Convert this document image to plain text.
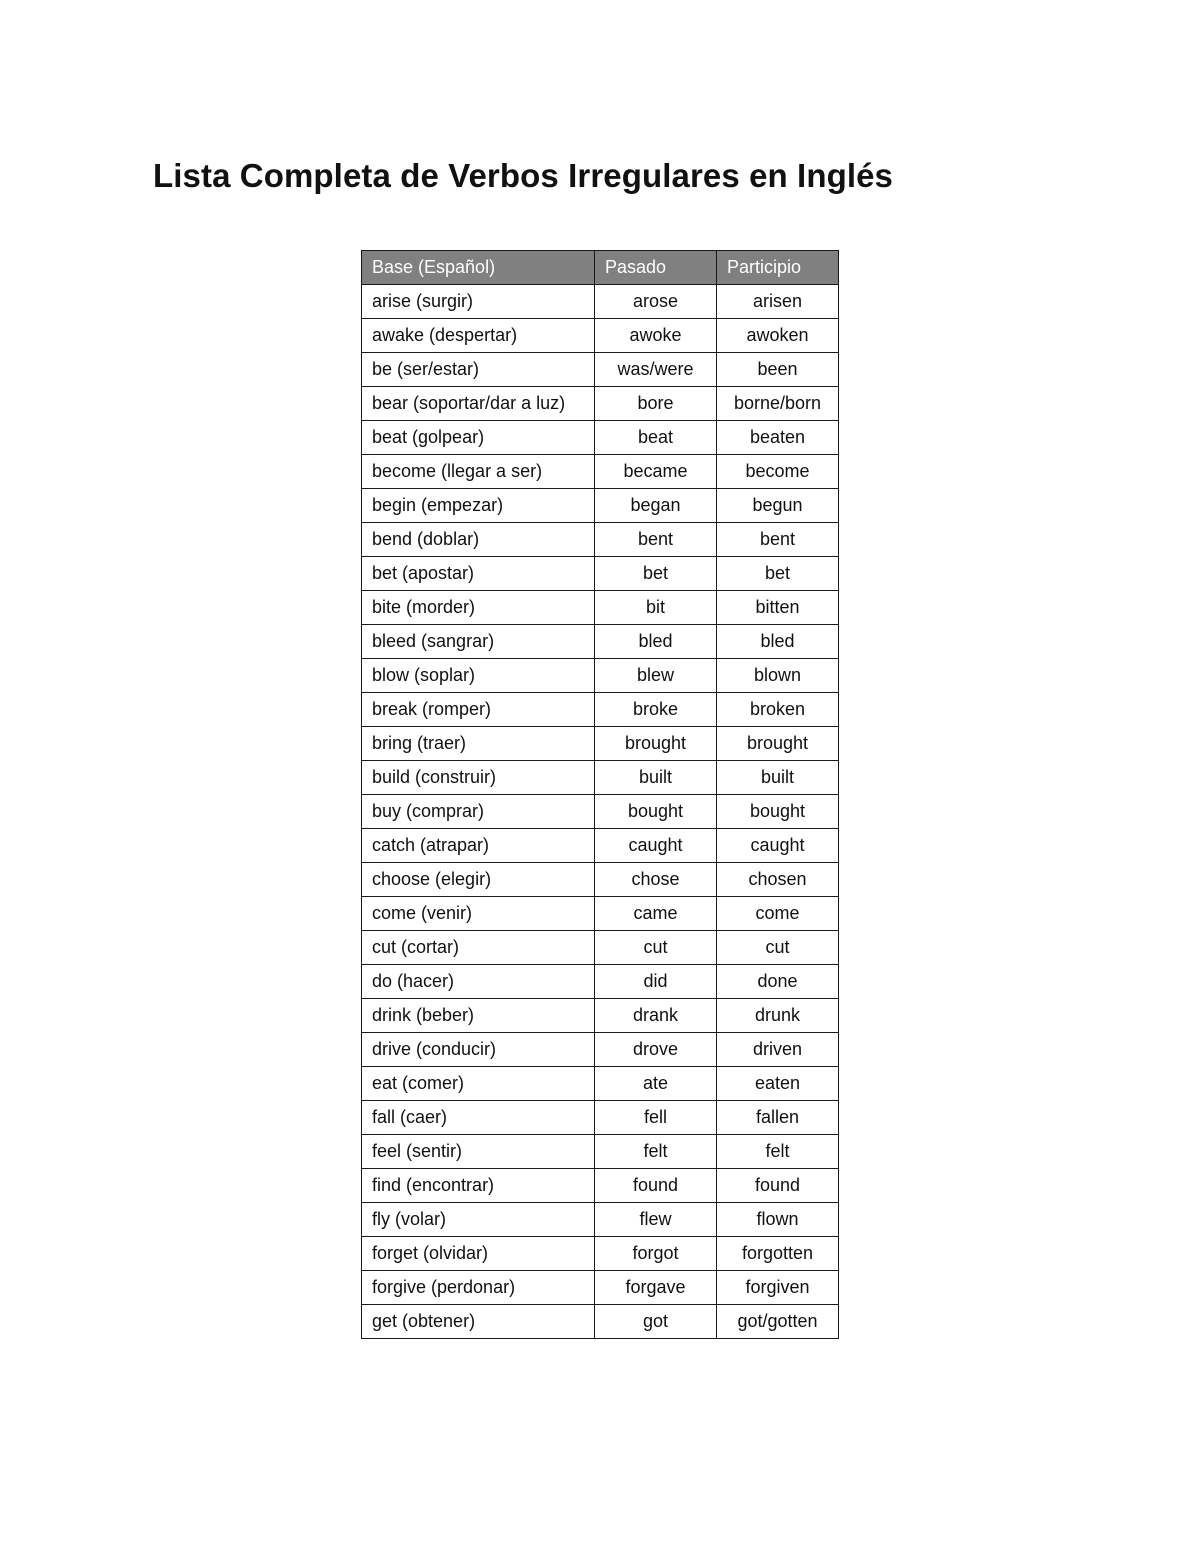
Lista Completa de Verbos Irregulares en Inglés
Base (Español)	Pasado	Participio
arise (surgir)	arose	arisen
awake (despertar)	awoke	awoken
be (ser/estar)	was/were	been
bear (soportar/dar a luz)	bore	borne/born
beat (golpear)	beat	beaten
become (llegar a ser)	became	become
begin (empezar)	began	begun
bend (doblar)	bent	bent
bet (apostar)	bet	bet
bite (morder)	bit	bitten
bleed (sangrar)	bled	bled
blow (soplar)	blew	blown
break (romper)	broke	broken
bring (traer)	brought	brought
build (construir)	built	built
buy (comprar)	bought	bought
catch (atrapar)	caught	caught
choose (elegir)	chose	chosen
come (venir)	came	come
cut (cortar)	cut	cut
do (hacer)	did	done
drink (beber)	drank	drunk
drive (conducir)	drove	driven
eat (comer)	ate	eaten
fall (caer)	fell	fallen
feel (sentir)	felt	felt
find (encontrar)	found	found
fly (volar)	flew	flown
forget (olvidar)	forgot	forgotten
forgive (perdonar)	forgave	forgiven
get (obtener)	got	got/gotten
